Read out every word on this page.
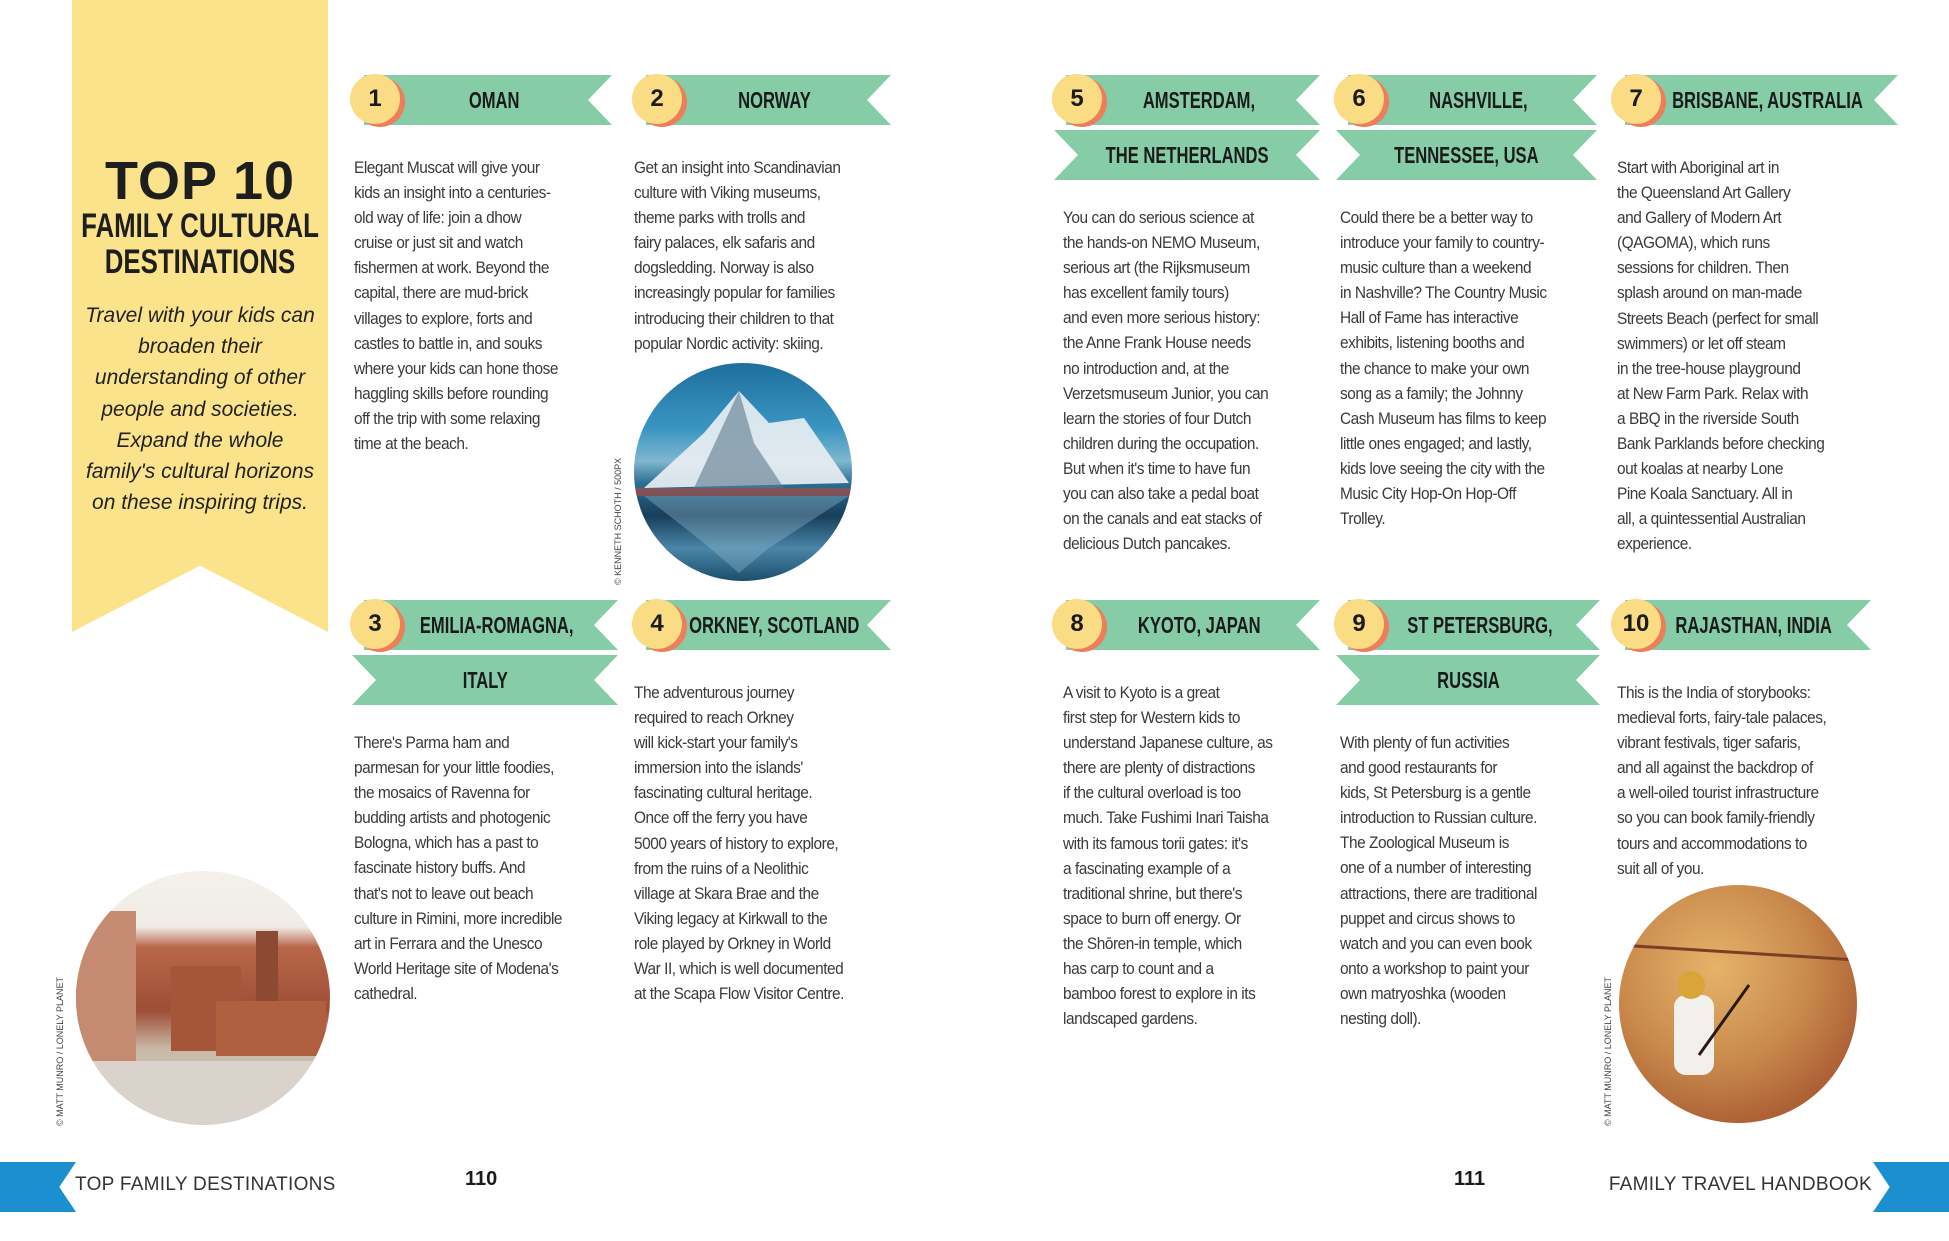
TOP 10
FAMILY CULTURAL
DESTINATIONS
Travel with your kids can broaden their understanding of other people and societies. Expand the whole family's cultural horizons on these inspiring trips.
OMAN
1
Elegant Muscat will give your
kids an insight into a centuries-
old way of life: join a dhow
cruise or just sit and watch
fishermen at work. Beyond the
capital, there are mud-brick
villages to explore, forts and
castles to battle in, and souks
where your kids can hone those
haggling skills before rounding
off the trip with some relaxing
time at the beach.
NORWAY
2
Get an insight into Scandinavian
culture with Viking museums,
theme parks with trolls and
fairy palaces, elk safaris and
dogsledding. Norway is also
increasingly popular for families
introducing their children to that
popular Nordic activity: skiing.
EMILIA-ROMAGNA,
3
ITALY
There's Parma ham and
parmesan for your little foodies,
the mosaics of Ravenna for
budding artists and photogenic
Bologna, which has a past to
fascinate history buffs. And
that's not to leave out beach
culture in Rimini, more incredible
art in Ferrara and the Unesco
World Heritage site of Modena's
cathedral.
ORKNEY, SCOTLAND
4
The adventurous journey
required to reach Orkney
will kick-start your family's
immersion into the islands'
fascinating cultural heritage.
Once off the ferry you have
5000 years of history to explore,
from the ruins of a Neolithic
village at Skara Brae and the
Viking legacy at Kirkwall to the
role played by Orkney in World
War II, which is well documented
at the Scapa Flow Visitor Centre.
AMSTERDAM,
5
THE NETHERLANDS
You can do serious science at
the hands-on NEMO Museum,
serious art (the Rijksmuseum
has excellent family tours)
and even more serious history:
the Anne Frank House needs
no introduction and, at the
Verzetsmuseum Junior, you can
learn the stories of four Dutch
children during the occupation.
But when it's time to have fun
you can also take a pedal boat
on the canals and eat stacks of
delicious Dutch pancakes.
NASHVILLE,
6
TENNESSEE, USA
Could there be a better way to
introduce your family to country-
music culture than a weekend
in Nashville? The Country Music
Hall of Fame has interactive
exhibits, listening booths and
the chance to make your own
song as a family; the Johnny
Cash Museum has films to keep
little ones engaged; and lastly,
kids love seeing the city with the
Music City Hop-On Hop-Off
Trolley.
BRISBANE, AUSTRALIA
7
Start with Aboriginal art in
the Queensland Art Gallery
and Gallery of Modern Art
(QAGOMA), which runs
sessions for children. Then
splash around on man-made
Streets Beach (perfect for small
swimmers) or let off steam
in the tree-house playground
at New Farm Park. Relax with
a BBQ in the riverside South
Bank Parklands before checking
out koalas at nearby Lone
Pine Koala Sanctuary. All in
all, a quintessential Australian
experience.
KYOTO, JAPAN
8
A visit to Kyoto is a great
first step for Western kids to
understand Japanese culture, as
there are plenty of distractions
if the cultural overload is too
much. Take Fushimi Inari Taisha
with its famous torii gates: it's
a fascinating example of a
traditional shrine, but there's
space to burn off energy. Or
the Shōren-in temple, which
has carp to count and a
bamboo forest to explore in its
landscaped gardens.
ST PETERSBURG,
9
RUSSIA
With plenty of fun activities
and good restaurants for
kids, St Petersburg is a gentle
introduction to Russian culture.
The Zoological Museum is
one of a number of interesting
attractions, there are traditional
puppet and circus shows to
watch and you can even book
onto a workshop to paint your
own matryoshka (wooden
nesting doll).
RAJASTHAN, INDIA
10
This is the India of storybooks:
medieval forts, fairy-tale palaces,
vibrant festivals, tiger safaris,
and all against the backdrop of
a well-oiled tourist infrastructure
so you can book family-friendly
tours and accommodations to
suit all of you.
© KENNETH SCHOTH / 500PX
© MATT MUNRO / LONELY PLANET	© MATT MUNRO / LONELY PLANET
TOP FAMILY DESTINATIONS	110	111	FAMILY TRAVEL HANDBOOK
